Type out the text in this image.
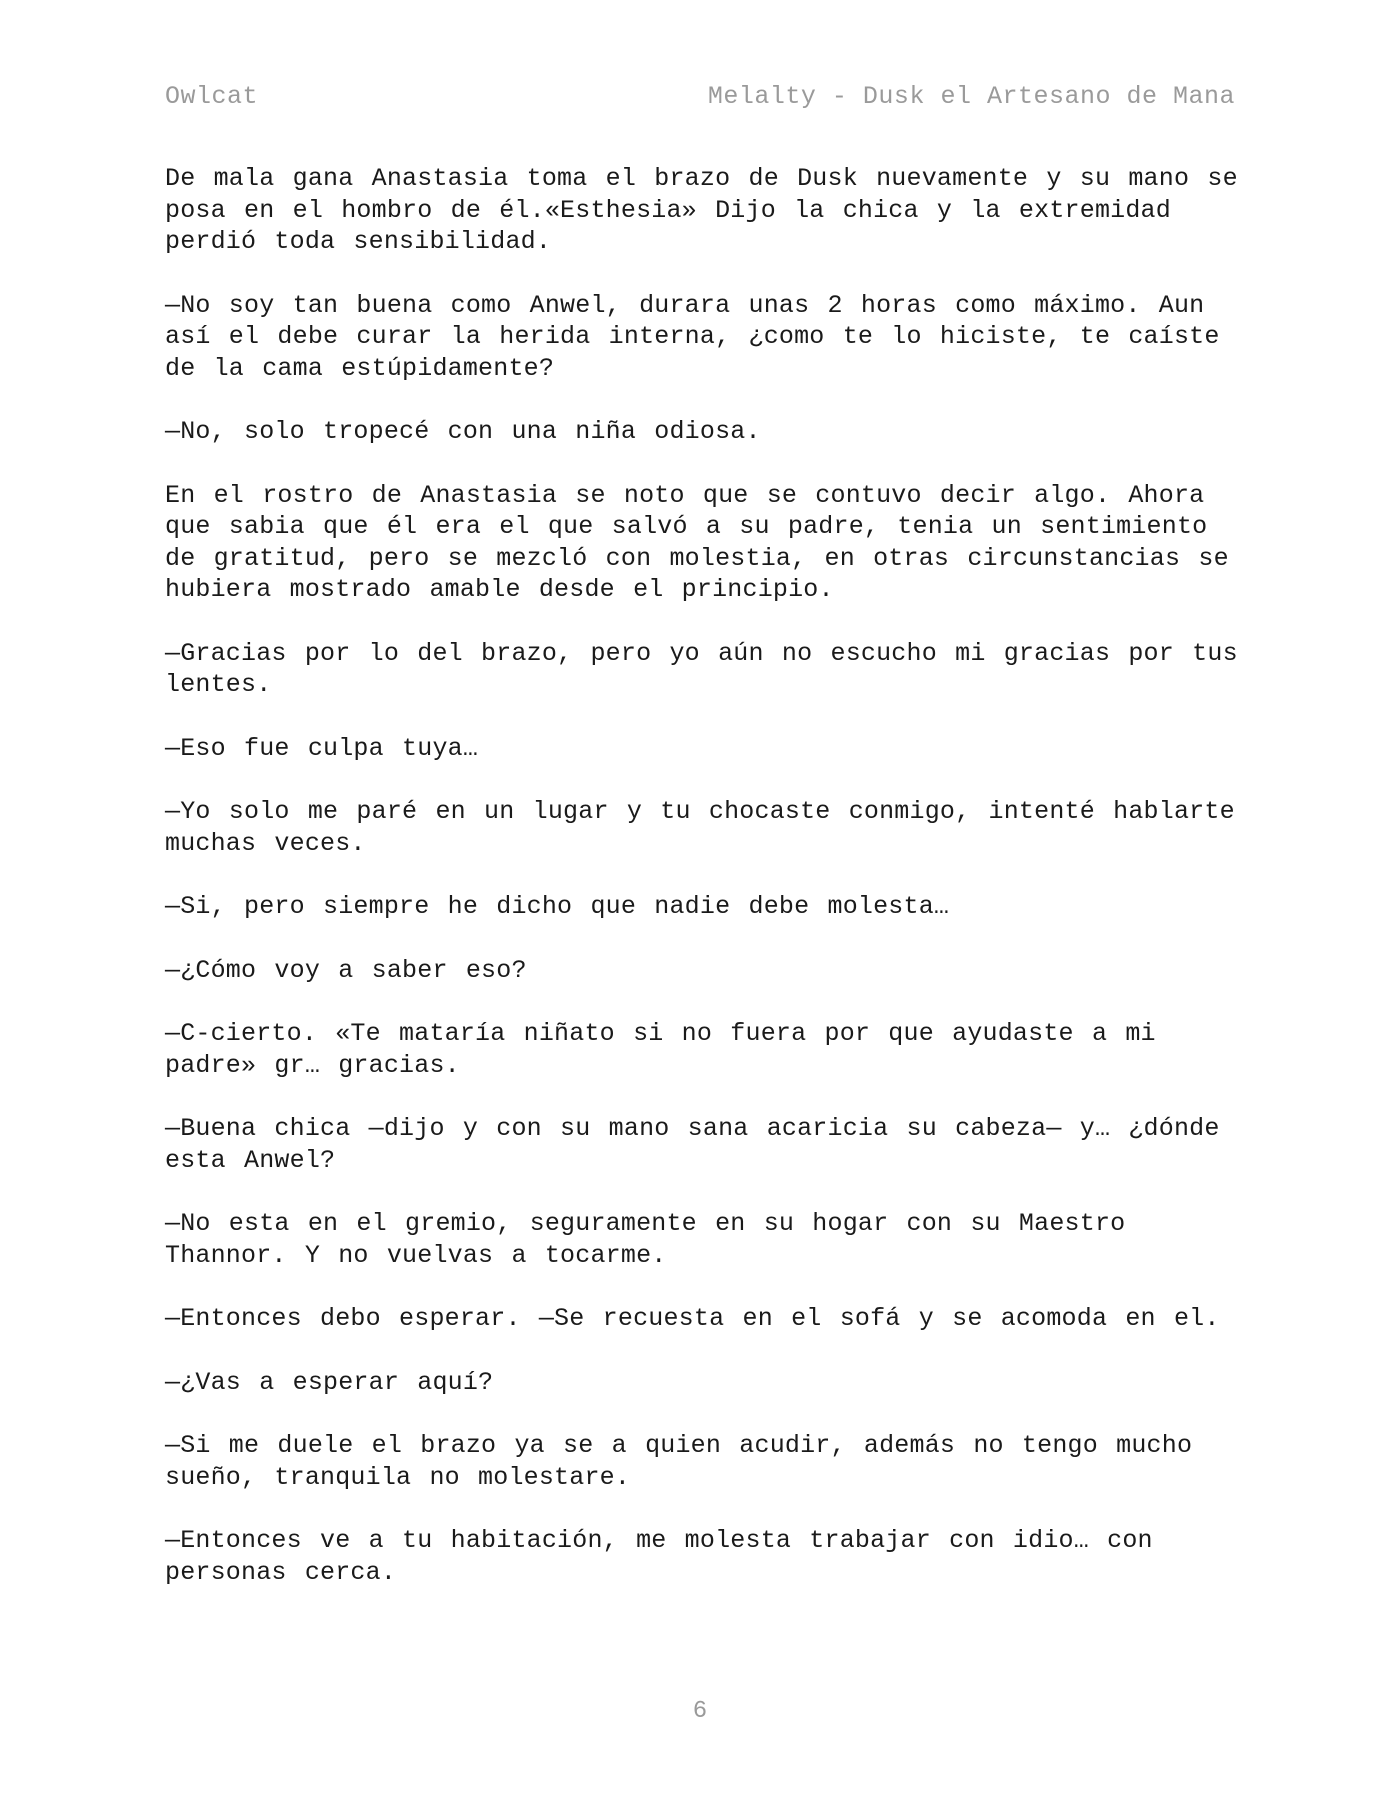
Owlcat	Melalty - Dusk el Artesano de Mana

De mala gana Anastasia toma el brazo de Dusk nuevamente y su mano se posa en el hombro de él.«Esthesia» Dijo la chica y la extremidad perdió toda sensibilidad.

—No soy tan buena como Anwel, durara unas 2 horas como máximo. Aun así el debe curar la herida interna, ¿como te lo hiciste, te caíste de la cama estúpidamente?

—No, solo tropecé con una niña odiosa.

En el rostro de Anastasia se noto que se contuvo decir algo. Ahora que sabia que él era el que salvó a su padre, tenia un sentimiento de gratitud, pero se mezcló con molestia, en otras circunstancias se hubiera mostrado amable desde el principio.

—Gracias por lo del brazo, pero yo aún no escucho mi gracias por tus lentes.

—Eso fue culpa tuya…

—Yo solo me paré en un lugar y tu chocaste conmigo, intenté hablarte muchas veces.

—Si, pero siempre he dicho que nadie debe molesta…

—¿Cómo voy a saber eso?

—C-cierto. «Te mataría niñato si no fuera por que ayudaste a mi padre» gr… gracias.

—Buena chica —dijo y con su mano sana acaricia su cabeza— y… ¿dónde esta Anwel?

—No esta en el gremio, seguramente en su hogar con su Maestro Thannor. Y no vuelvas a tocarme.

—Entonces debo esperar. —Se recuesta en el sofá y se acomoda en el.

—¿Vas a esperar aquí?

—Si me duele el brazo ya se a quien acudir, además no tengo mucho sueño, tranquila no molestare.

—Entonces ve a tu habitación, me molesta trabajar con idio… con personas cerca.

6
